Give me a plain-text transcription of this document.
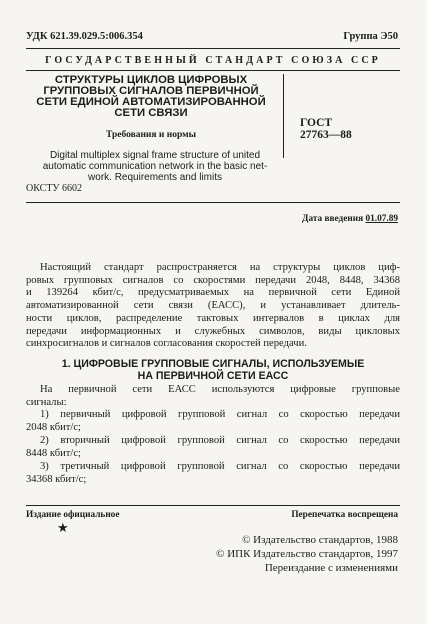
УДК 621.39.029.5:006.354	Группа Э50
ГОСУДАРСТВЕННЫЙ СТАНДАРТ СОЮЗА ССР
СТРУКТУРЫ ЦИКЛОВ ЦИФРОВЫХ
ГРУППОВЫХ СИГНАЛОВ ПЕРВИЧНОЙ
СЕТИ ЕДИНОЙ АВТОМАТИЗИРОВАННОЙ
СЕТИ СВЯЗИ
Требования и нормы
ГОСТ
27763—88
Digital multiplex signal frame structure of united
automatic communication network in the basic net-
work. Requirements and limits
ОКСТУ 6602
Дата введения 01.07.89
Настоящий стандарт распространяется на структуры циклов циф-
ровых групповых сигналов со скоростями передачи 2048, 8448, 34368
и 139264 кбит/с, предусматриваемых на первичной сети Единой
автоматизированной сети связи (ЕАСС), и устанавливает длитель-
ности циклов, распределение тактовых интервалов в циклах для
передачи информационных и служебных символов, виды цикловых
синхросигналов и сигналов согласования скоростей передачи.
1. ЦИФРОВЫЕ ГРУППОВЫЕ СИГНАЛЫ, ИСПОЛЬЗУЕМЫЕ
НА ПЕРВИЧНОЙ СЕТИ ЕАСС
На первичной сети ЕАСС используются цифровые групповые
сигналы:
1) первичный цифровой групповой сигнал со скоростью передачи
2048 кбит/с;
2) вторичный цифровой групповой сигнал со скоростью передачи
8448 кбит/с;
3) третичный цифровой групповой сигнал со скоростью передачи
34368 кбит/с;
Издание официальное	Перепечатка воспрещена
★
© Издательство стандартов, 1988
© ИПК Издательство стандартов, 1997
Переиздание с изменениями
